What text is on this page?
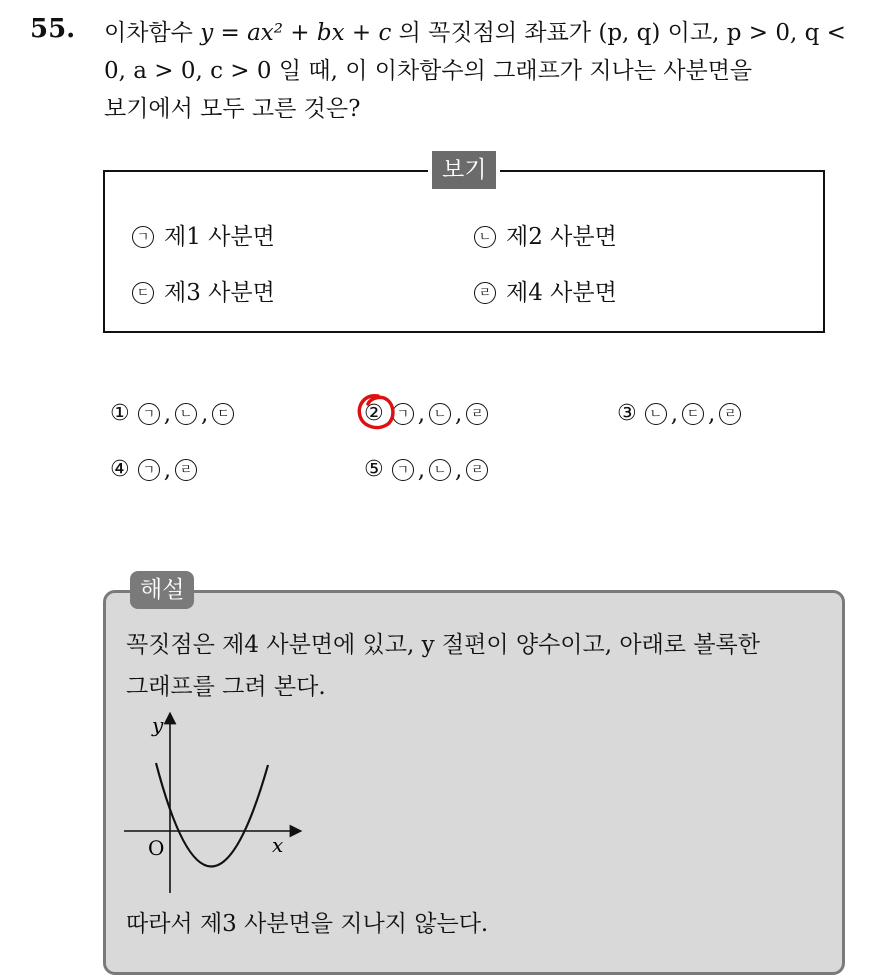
55. 이차함수 y = ax² + bx + c 의 꼭짓점의 좌표가 (p, q) 이고, p > 0, q <
0, a > 0, c > 0 일 때, 이 이차함수의 그래프가 지나는 사분면을
보기에서 모두 고른 것은?
보기
ㄱ 제1 사분면	ㄴ 제2 사분면
ㄷ 제3 사분면	ㄹ 제4 사분면
① ㄱ , ㄴ , ㄷ	② ㄱ , ㄴ , ㄹ	③ ㄴ , ㄷ , ㄹ
④ ㄱ , ㄹ	⑤ ㄱ , ㄴ , ㄹ
해설
꼭짓점은 제4 사분면에 있고, y 절편이 양수이고, 아래로 볼록한
그래프를 그려 본다.
y
x
O
따라서 제3 사분면을 지나지 않는다.
